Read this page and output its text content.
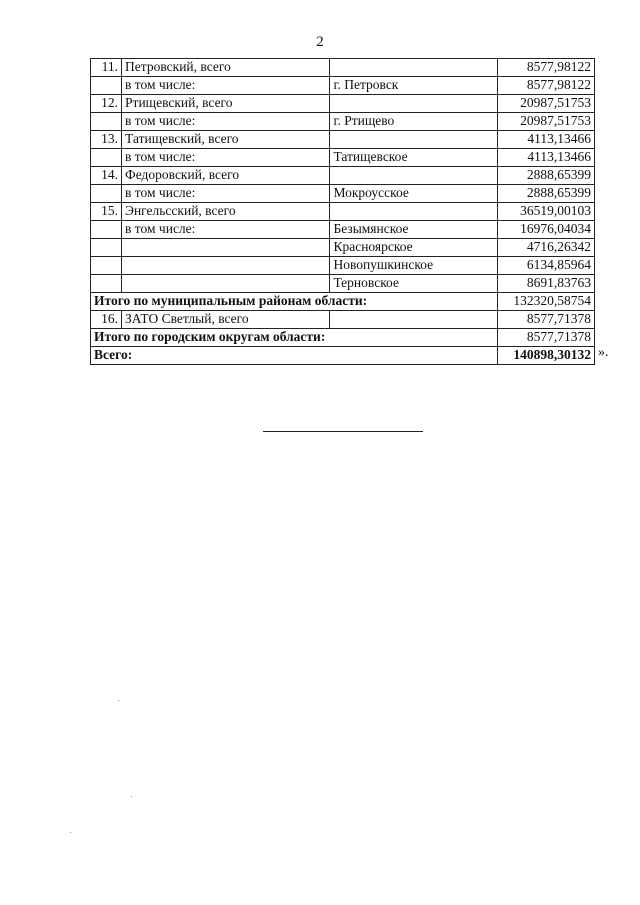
2
11.	Петровский, всего		8577,98122
	в том числе:	г. Петровск	8577,98122
12.	Ртищевский, всего		20987,51753
	в том числе:	г. Ртищево	20987,51753
13.	Татищевский, всего		4113,13466
	в том числе:	Татищевское	4113,13466
14.	Федоровский, всего		2888,65399
	в том числе:	Мокроусское	2888,65399
15.	Энгельсский, всего		36519,00103
	в том числе:	Безымянское	16976,04034
		Красноярское	4716,26342
		Новопушкинское	6134,85964
		Терновское	8691,83763
Итого по муниципальным районам области:			132320,58754
16.	ЗАТО Светлый, всего		8577,71378
Итого по городским округам области:			8577,71378
Всего:			140898,30132 ».
